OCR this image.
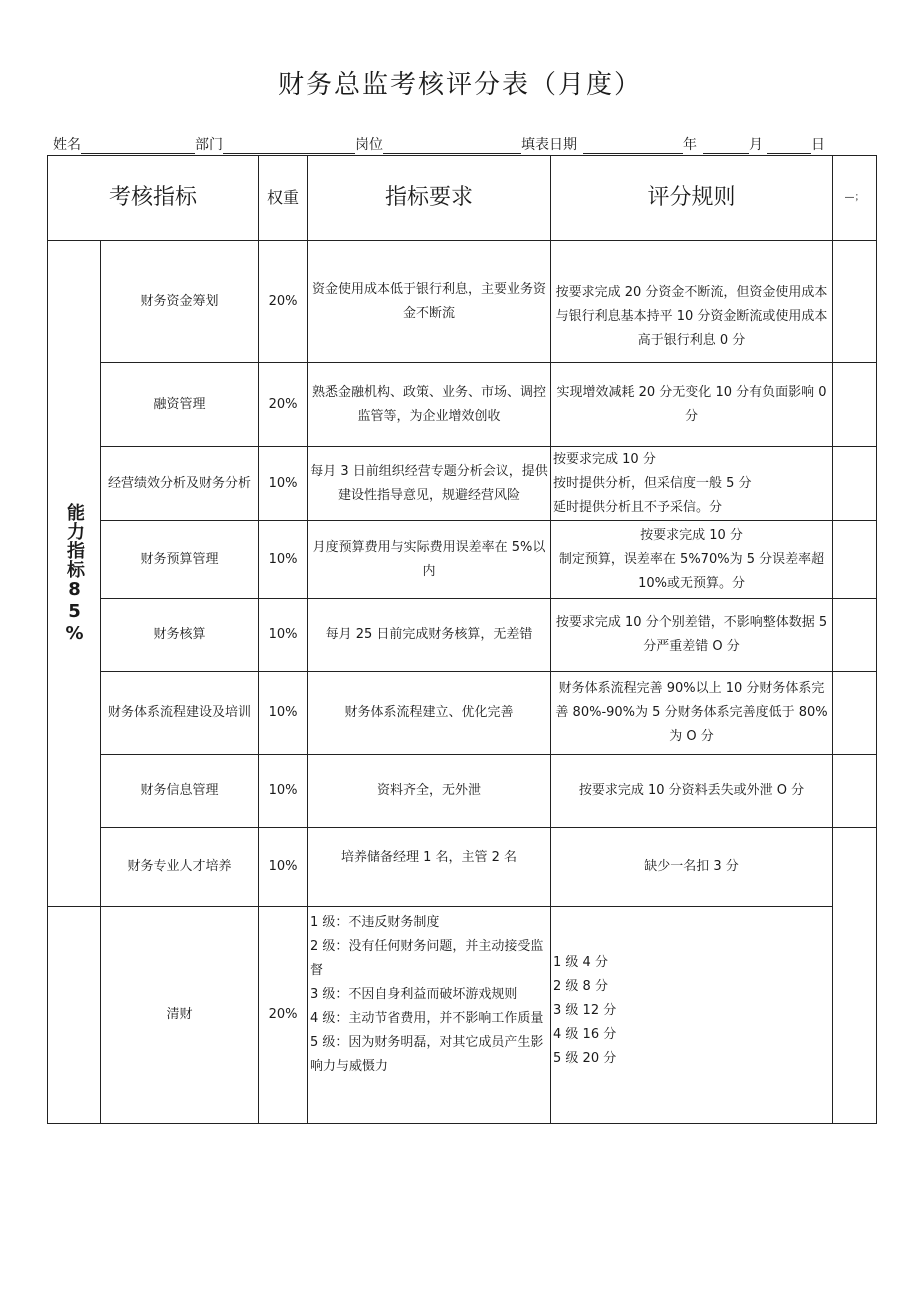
财务总监考核评分表（月度）
姓名	部门	岗位	填表日期	年	月	日
考核指标		权重	指标要求	评分规则	—；

能力指标85%	财务资金筹划	20%	资金使用成本低于银行利息，主要业务资金不断流	按要求完成 20 分资金不断流，但资金使用成本与银行利息基本持平 10 分资金断流或使用成本高于银行利息 0 分	
	融资管理	20%	熟悉金融机构、政策、业务、市场、调控监管等，为企业增效创收	实现增效减耗 20 分无变化 10 分有负面影响 0 分	
	经营绩效分析及财务分析	10%	每月 3 日前组织经营专题分析会议，提供建设性指导意见，规避经营风险	按要求完成 10 分
按时提供分析，但采信度一般 5 分
延时提供分析且不予采信。分	

	财务预算管理	10%	月度预算费用与实际费用误差率在 5%以内	按要求完成 10 分
制定预算，误差率在 5%70%为 5 分误差率超 10%或无预算。分	

	财务核算	10%	每月 25 日前完成财务核算，无差错	按要求完成 10 分个别差错，不影响整体数据 5 分严重差错 O 分	
	财务体系流程建设及培训	10%	财务体系流程建立、优化完善	财务体系流程完善 90%以上 10 分财务体系完善 80%-90%为 5 分财务体系完善度低于 80%为 O 分	
	财务信息管理	10%	资料齐全，无外泄	按要求完成 10 分资料丢失或外泄 O 分	
	财务专业人才培养	10%	培养储备经理 1 名，主管 2 名	缺少一名扣 3 分	
	清财	20%	1 级：不违反财务制度
2 级：没有任何财务问题，并主动接受监督
3 级：不因自身利益而破坏游戏规则
4 级：主动节省费用，并不影响工作质量
5 级：因为财务明磊，对其它成员产生影响力与威慑力	1 级 4 分
2 级 8 分
3 级 12 分
4 级 16 分
5 级 20 分	
